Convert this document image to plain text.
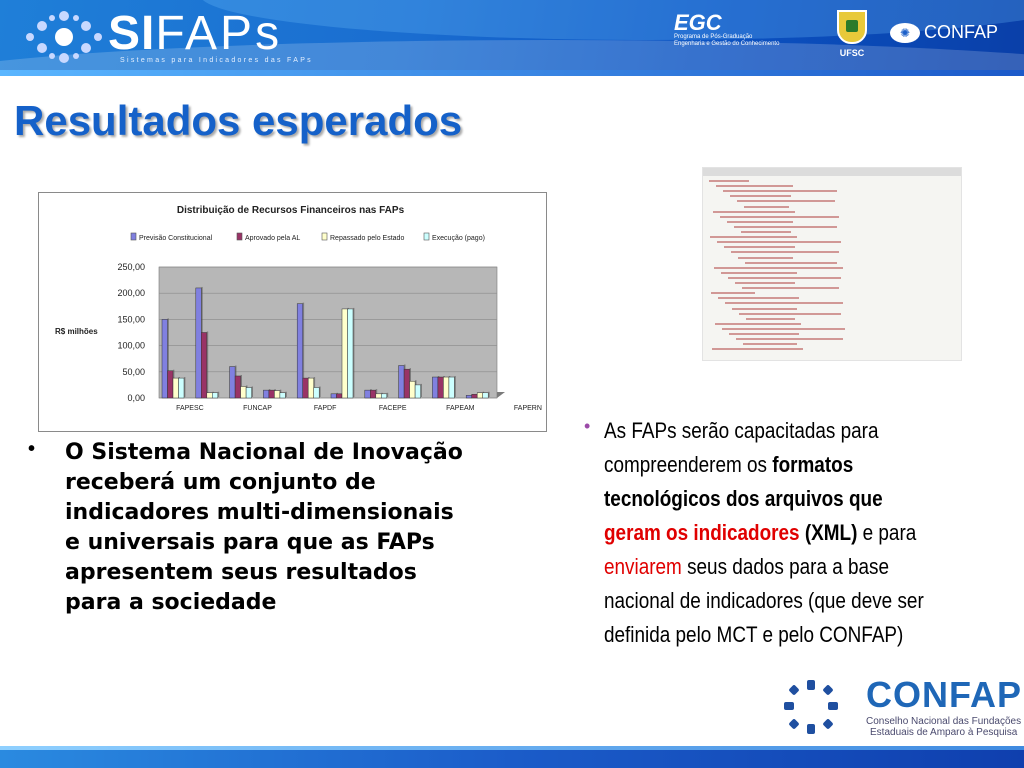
SIFAPs
Sistemas para Indicadores das FAPs
EGC
Programa de Pós-Graduação
Engenharia e Gestão do Conhecimento
UFSC
✺ CONFAP
Resultados esperados
Distribuição de Recursos Financeiros nas FAPs
Previsão Constitucional	Aprovado pela AL	Repassado pelo Estado	Execução (pago)
250,00
200,00
150,00
100,00
50,00
0,00
R$ milhões
FAPESC	FUNCAP	FAPDF	FACEPE	FAPEAM	FAPERN
• O Sistema Nacional de Inovação receberá um conjunto de indicadores multi-dimensionais e universais para que as FAPs apresentem seus resultados para a sociedade
• As FAPs serão capacitadas para compreenderem os formatos tecnológicos dos arquivos que geram os indicadores (XML) e para enviarem seus dados para a base nacional de indicadores (que deve ser definida pelo MCT e pelo CONFAP)
CONFAP
Conselho Nacional das Fundações
Estaduais de Amparo à Pesquisa
